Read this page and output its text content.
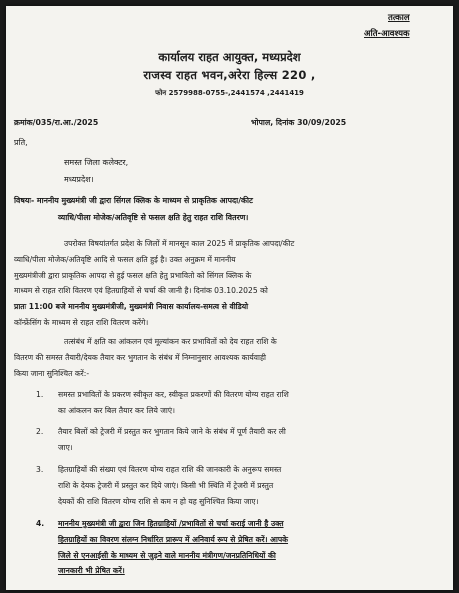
तत्काल
अति-आवश्यक
कार्यालय राहत आयुक्त, मध्यप्रदेश
राजस्व राहत भवन,अरेरा हिल्स 220 ,
फोन 2579988-0755-,2441574 ,2441419
क्रमांक/035/रा.आ./2025	भोपाल, दिनांक 30/09/2025
प्रति,
समस्त जिला कलेक्टर,
मध्यप्रदेश।
विषयः- माननीय मुख्यमंत्री जी द्वारा सिंगल क्लिक के माध्यम से प्राकृतिक आपदा/कीट
व्याधि/पीला मोजेक/अतिवृष्टि से फसल क्षति हेतु राहत राशि वितरण।
उपरोक्त विषयांतर्गत प्रदेश के जिलों में मानसून काल 2025 में प्राकृतिक आपदा/कीट
व्याधि/पीला मोजेक/अतिवृष्टि आदि से फसल क्षति हुई है। उक्त अनुक्रम में माननीय
मुख्यमंत्रीजी द्वारा प्राकृतिक आपदा से हुई फसल क्षति हेतु प्रभावितो को सिंगल क्लिक के
माध्यम से राहत राशि वितरण एवं हितग्राहियों से चर्चा की जानी है। दिनांक 03.10.2025 को
प्रातः 11:00 बजे माननीय मुख्यमंत्रीजी, मुख्यमंत्री निवास कार्यालय-समत्व से वीडियो
कॉन्फ्रेंसिंग के माध्यम से राहत राशि वितरण करेंगे।
तत्संबंध में क्षति का आंकलन एवं मूल्यांकन कर प्रभावितों को देय राहत राशि के
वितरण की समस्त तैयारी/देयक तैयार कर भुगतान के संबंध में निम्नानुसार आवश्यक कार्यवाही
किया जाना सुनिश्चित करें:-
1. समस्त प्रभावितों के प्रकरण स्वीकृत कर, स्वीकृत प्रकरणों की वितरण योग्य राहत राशि
का आंकलन कर बिल तैयार कर लिये जाएं।
2. तैयार बिलों को ट्रेजरी में प्रस्तुत कर भुगतान किये जाने के संबंध में पूर्ण तैयारी कर ली
जाए।
3. हितग्राहियों की संख्या एवं वितरण योग्य राहत राशि की जानकारी के अनुरूप समस्त
राशि के देयक ट्रेजरी में प्रस्तुत कर दिये जाएं। किसी भी स्थिति में ट्रेजरी में प्रस्तुत
देयकों की राशि वितरण योग्य राशि से कम न हो यह सुनिश्चित किया जाए।
4. माननीय मुख्यमंत्री जी द्वारा जिन हितग्राहियों /प्रभावितों से चर्चा कराई जानी है उक्त
हितग्राहियों का विवरण संलग्न निर्धारित प्रारूप में अनिवार्य रूप से प्रेषित करें। आपके
जिले से एनआईसी के माध्यम से जुड़ने वाले माननीय मंत्रीगण/जनप्रतिनिधियों की
जानकारी भी प्रेषित करें।
